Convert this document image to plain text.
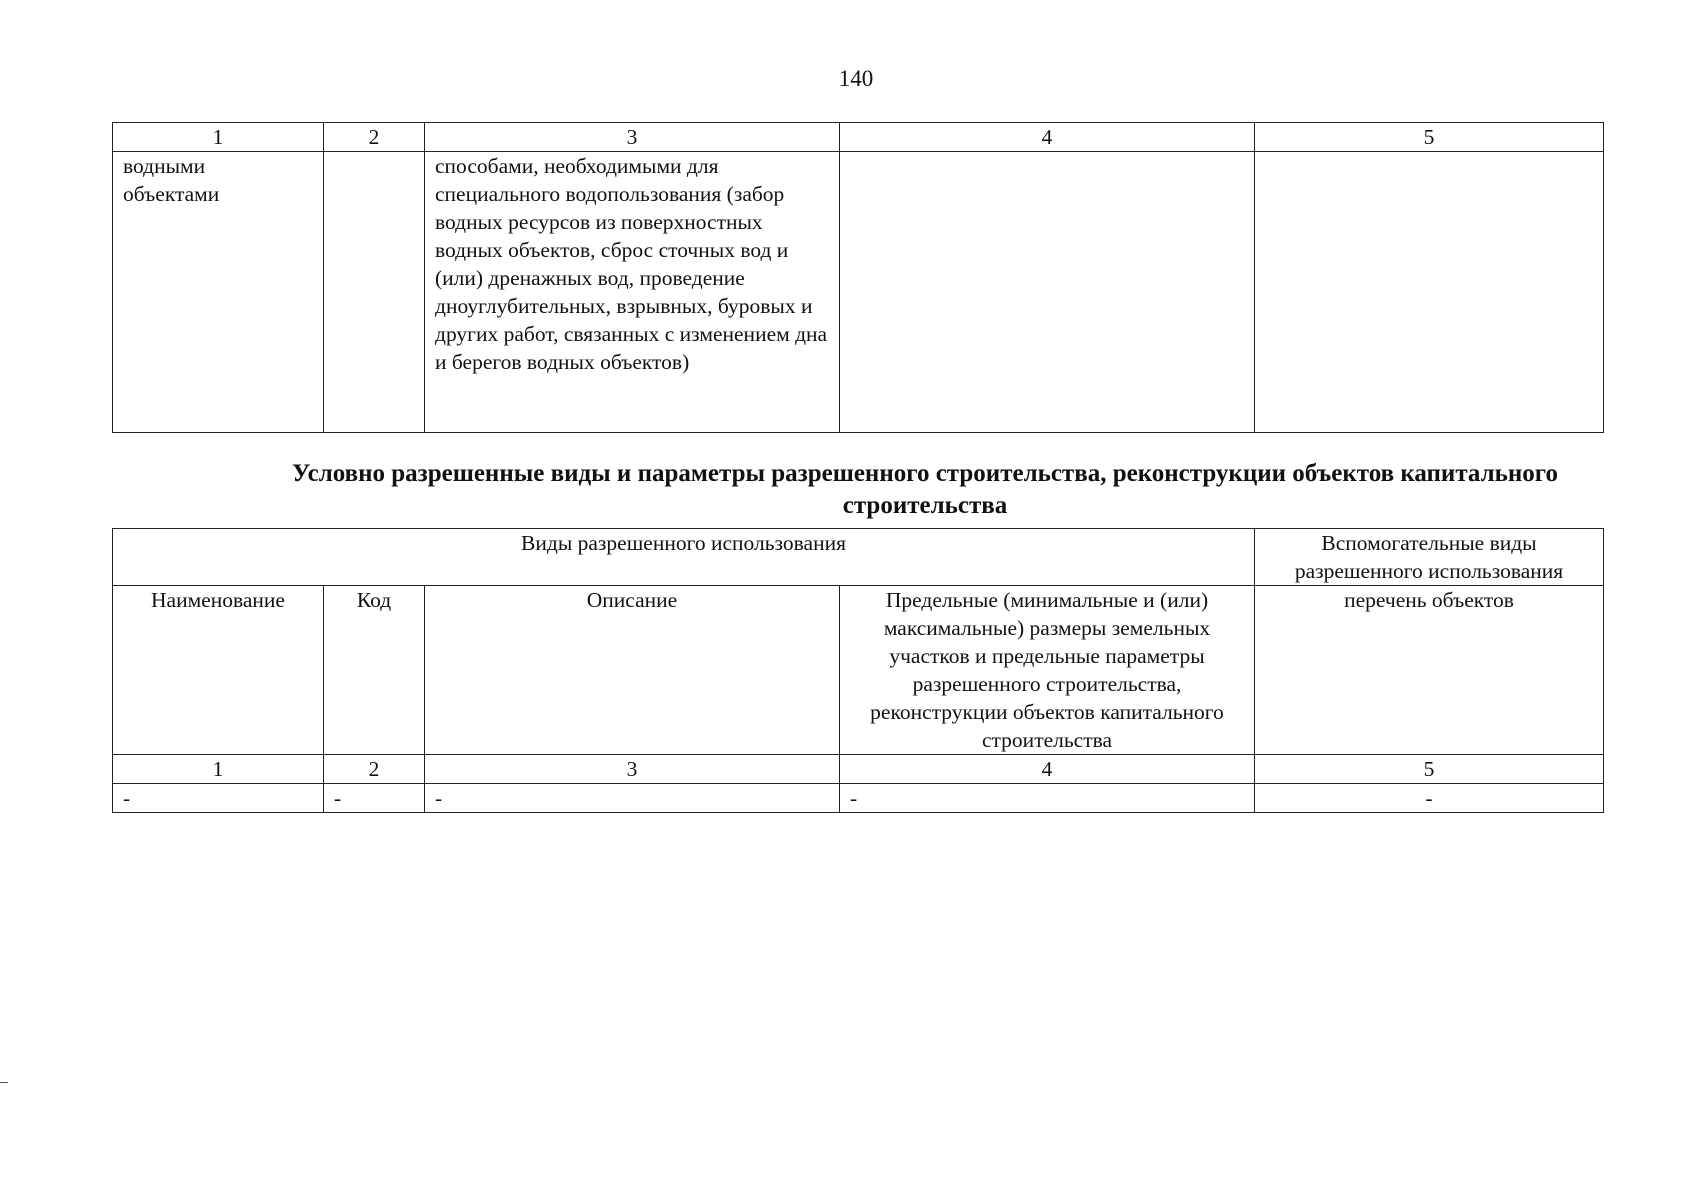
140
1	2	3	4	5
водными
объектами		способами, необходимыми для специального водопользования (забор водных ресурсов из поверхностных водных объектов, сброс сточных вод и (или) дренажных вод, проведение дноуглубительных, взрывных, буровых и других работ, связанных с изменением дна и берегов водных объектов)		
Условно разрешенные виды и параметры разрешенного строительства, реконструкции объектов капитального строительства
Виды разрешенного использования				Вспомогательные виды разрешенного использования
Наименование	Код	Описание	Предельные (минимальные и (или) максимальные) размеры земельных участков и предельные параметры разрешенного строительства, реконструкции объектов капитального строительства	перечень объектов
1	2	3	4	5
-	-	-	-	-
